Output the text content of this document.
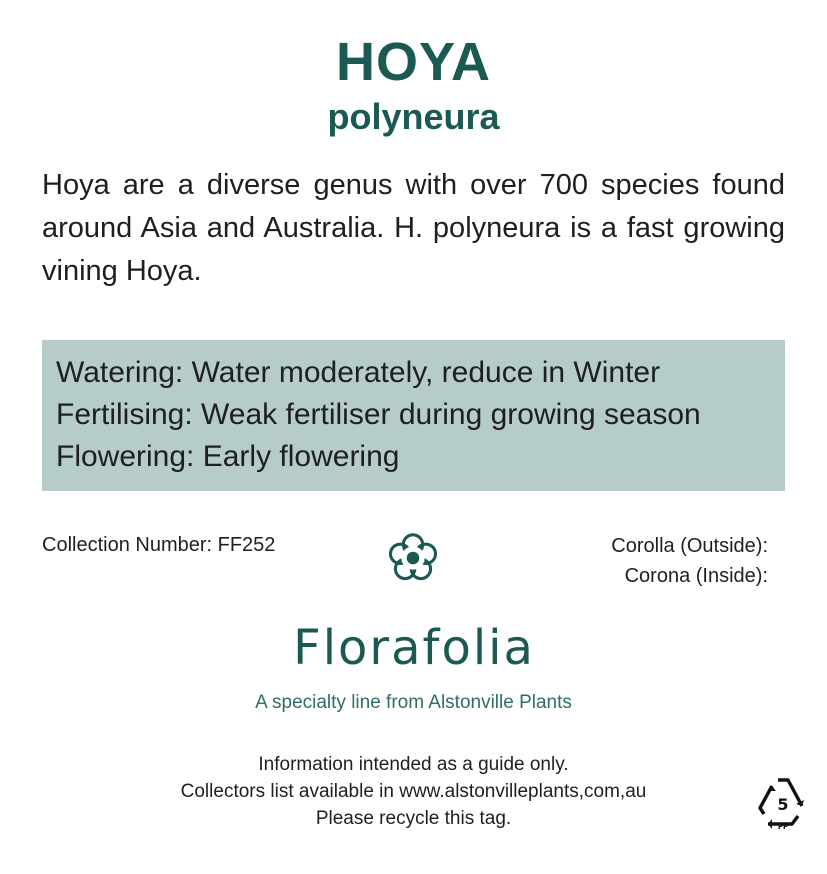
HOYA
polyneura
Hoya are a diverse genus with over 700 species found around Asia and Australia. H. polyneura is a fast growing vining Hoya.
Watering: Water moderately, reduce in Winter
Fertilising: Weak fertiliser during growing season
Flowering: Early flowering
Collection Number: FF252	Corolla (Outside):
Corona (Inside):
Florafolia
A specialty line from Alstonville Plants
Information intended as a guide only.
Collectors list available in www.alstonvilleplants,com,au
Please recycle this tag.
5
PP
